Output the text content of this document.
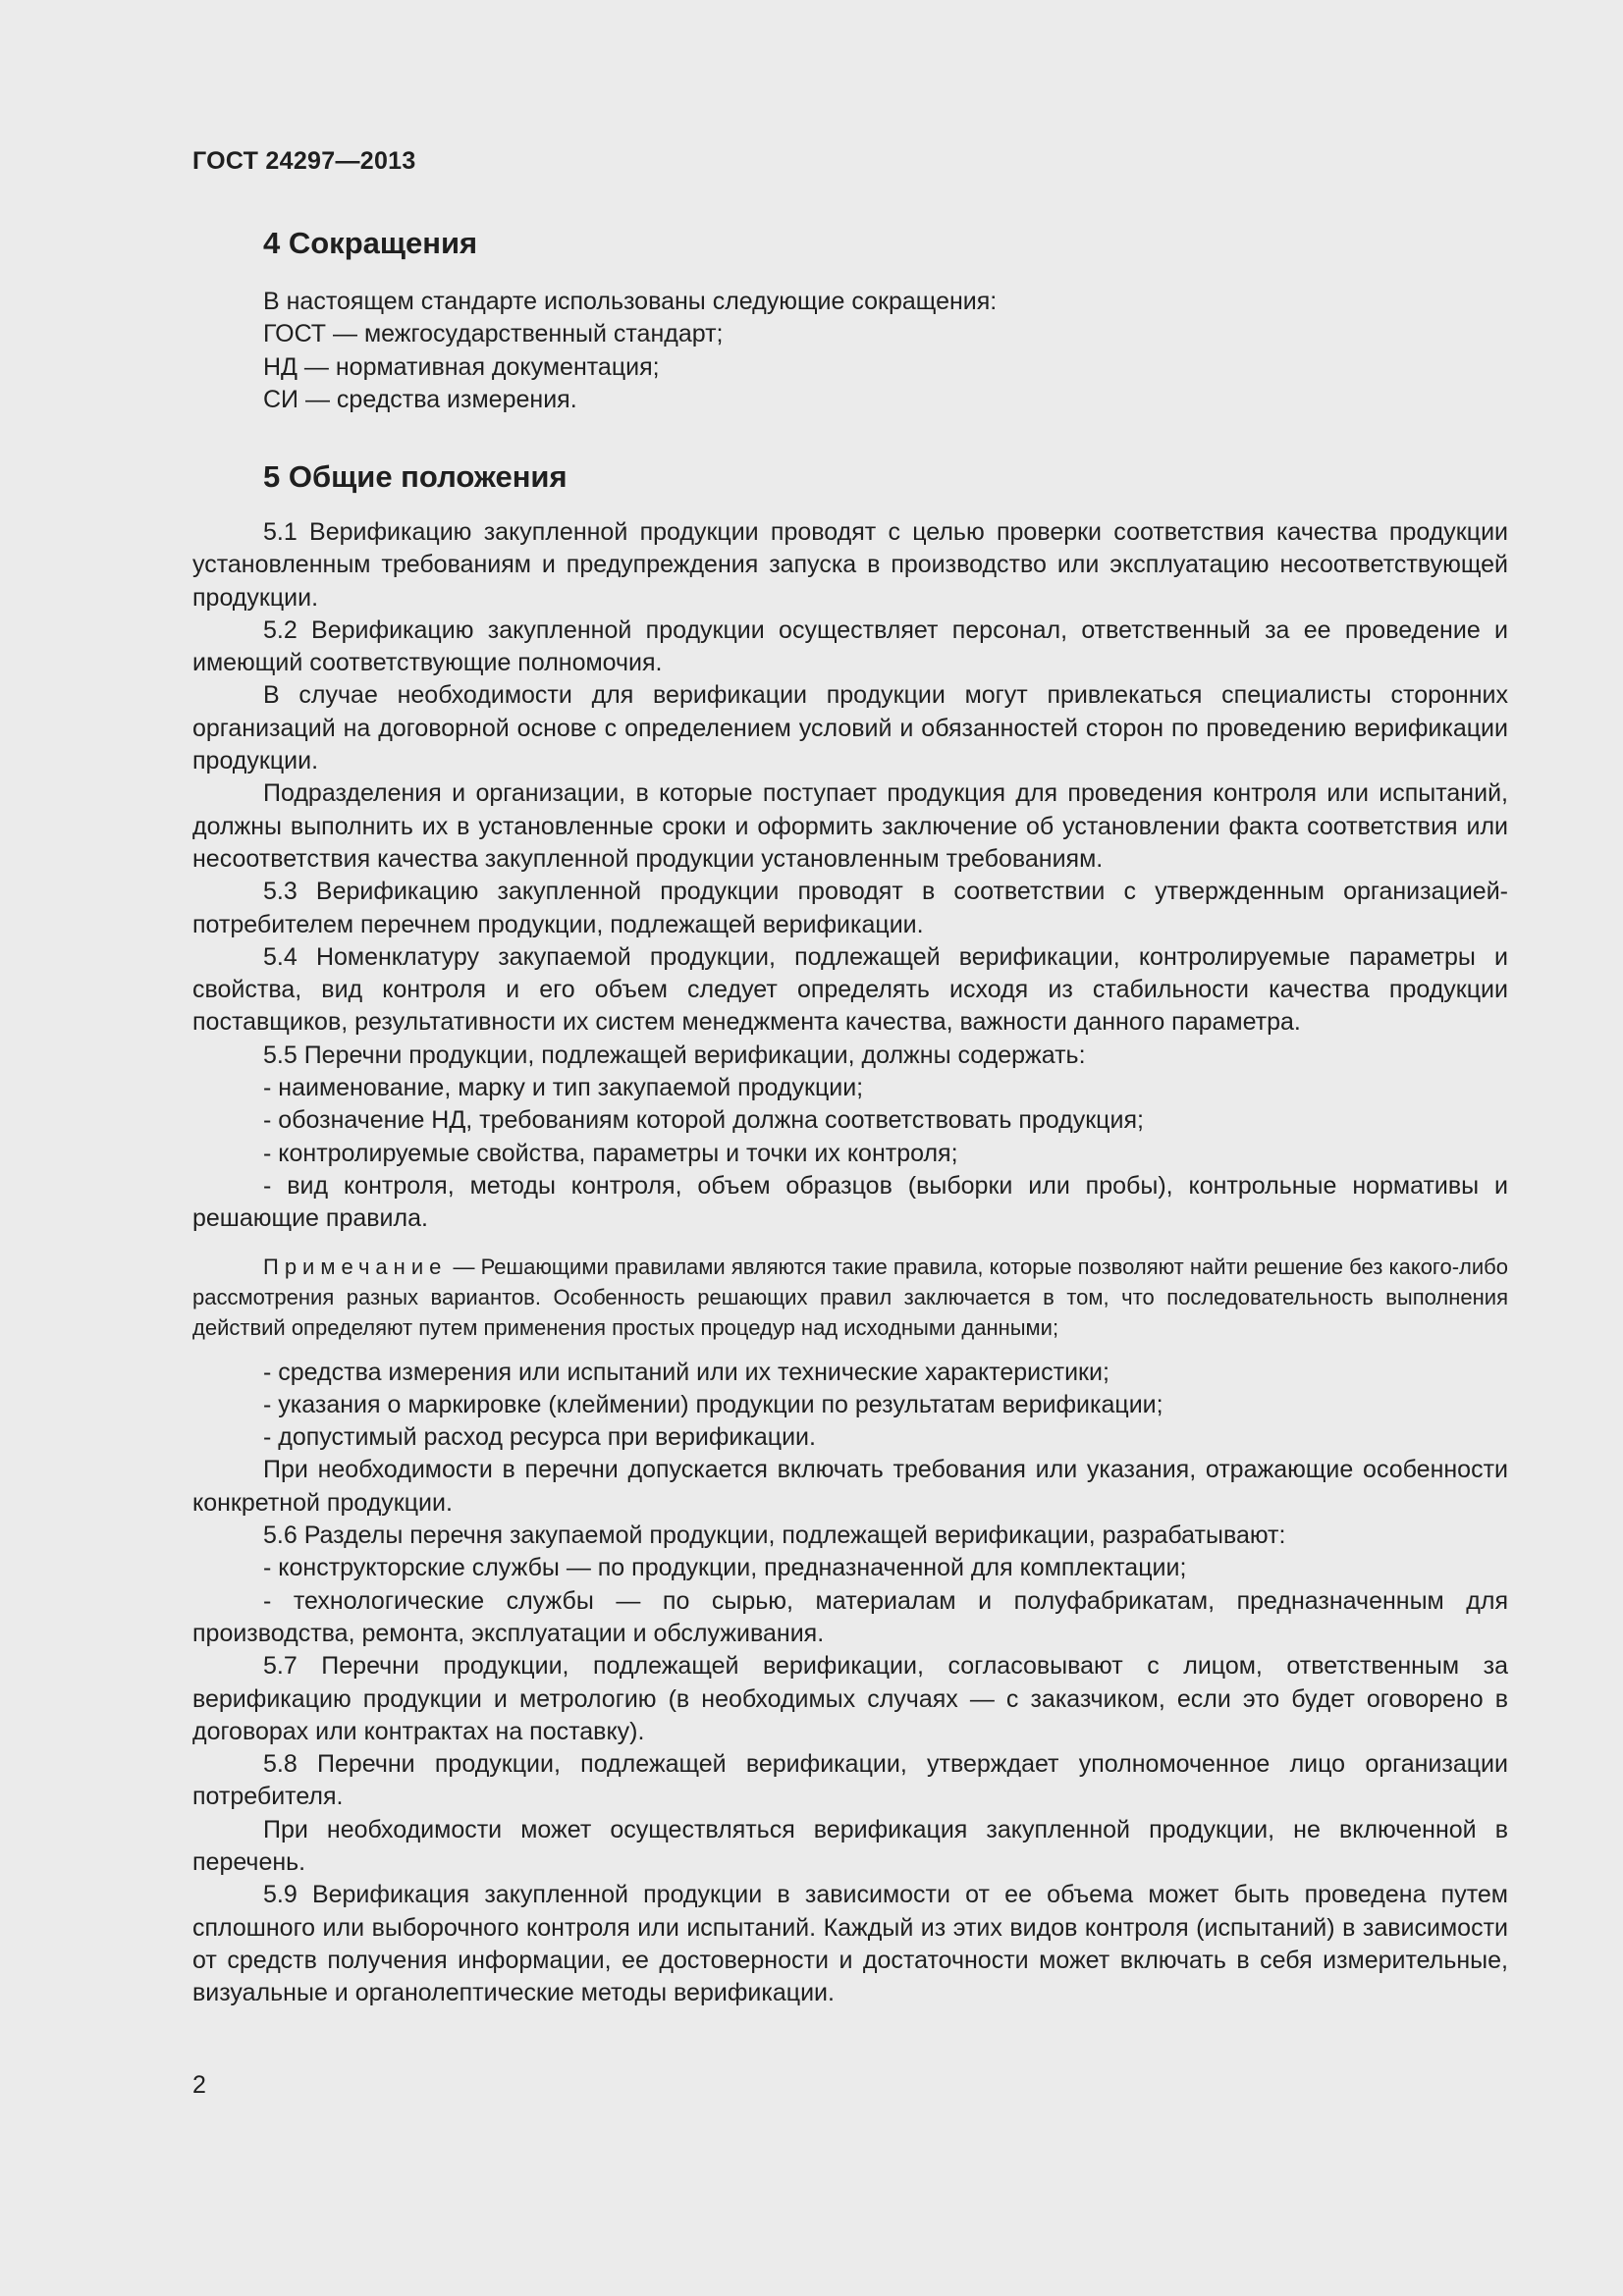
ГОСТ 24297—2013
4 Сокращения
В настоящем стандарте использованы следующие сокращения:
ГОСТ — межгосударственный стандарт;
НД — нормативная документация;
СИ — средства измерения.
5 Общие положения

5.1 Верификацию закупленной продукции проводят с целью проверки соответствия качества продукции установленным требованиям и предупреждения запуска в производство или эксплуатацию несоответствующей продукции.

5.2 Верификацию закупленной продукции осуществляет персонал, ответственный за ее проведение и имеющий соответствующие полномочия.

В случае необходимости для верификации продукции могут привлекаться специалисты сторонних организаций на договорной основе с определением условий и обязанностей сторон по проведению верификации продукции.

Подразделения и организации, в которые поступает продукция для проведения контроля или испытаний, должны выполнить их в установленные сроки и оформить заключение об установлении факта соответствия или несоответствия качества закупленной продукции установленным требованиям.

5.3 Верификацию закупленной продукции проводят в соответствии с утвержденным организацией-потребителем перечнем продукции, подлежащей верификации.

5.4 Номенклатуру закупаемой продукции, подлежащей верификации, контролируемые параметры и свойства, вид контроля и его объем следует определять исходя из стабильности качества продукции поставщиков, результативности их систем менеджмента качества, важности данного параметра.

5.5 Перечни продукции, подлежащей верификации, должны содержать:

- наименование, марку и тип закупаемой продукции;

- обозначение НД, требованиям которой должна соответствовать продукция;

- контролируемые свойства, параметры и точки их контроля;

- вид контроля, методы контроля, объем образцов (выборки или пробы), контрольные нормативы и решающие правила.

Примечание — Решающими правилами являются такие правила, которые позволяют найти решение без какого-либо рассмотрения разных вариантов. Особенность решающих правил заключается в том, что последовательность выполнения действий определяют путем применения простых процедур над исходными данными;

- средства измерения или испытаний или их технические характеристики;

- указания о маркировке (клеймении) продукции по результатам верификации;

- допустимый расход ресурса при верификации.

При необходимости в перечни допускается включать требования или указания, отражающие особенности конкретной продукции.

5.6 Разделы перечня закупаемой продукции, подлежащей верификации, разрабатывают:

- конструкторские службы — по продукции, предназначенной для комплектации;

- технологические службы — по сырью, материалам и полуфабрикатам, предназначенным для производства, ремонта, эксплуатации и обслуживания.

5.7 Перечни продукции, подлежащей верификации, согласовывают с лицом, ответственным за верификацию продукции и метрологию (в необходимых случаях — с заказчиком, если это будет оговорено в договорах или контрактах на поставку).

5.8 Перечни продукции, подлежащей верификации, утверждает уполномоченное лицо организации потребителя.

При необходимости может осуществляться верификация закупленной продукции, не включенной в перечень.

5.9 Верификация закупленной продукции в зависимости от ее объема может быть проведена путем сплошного или выборочного контроля или испытаний. Каждый из этих видов контроля (испытаний) в зависимости от средств получения информации, ее достоверности и достаточности может включать в себя измерительные, визуальные и органолептические методы верификации.

2
